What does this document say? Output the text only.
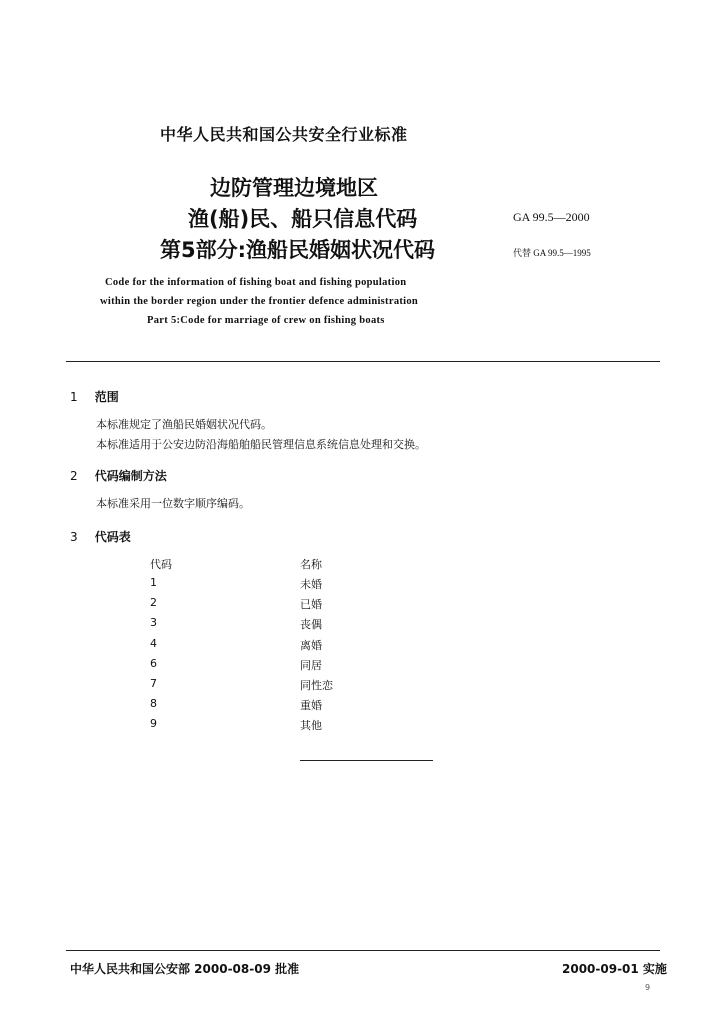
中华人民共和国公共安全行业标准
边防管理边境地区
渔(船)民、船只信息代码
第5部分:渔船民婚姻状况代码
GA 99.5—2000
代替 GA 99.5—1995
Code for the information of fishing boat and fishing population
within the border region under the frontier defence administration
Part 5:Code for marriage of crew on fishing boats
1 范围
本标准规定了渔船民婚姻状况代码。
本标准适用于公安边防沿海船舶船民管理信息系统信息处理和交换。
2 代码编制方法
本标准采用一位数字顺序编码。
3 代码表
代码	名称
1	未婚
2	已婚
3	丧偶
4	离婚
6	同居
7	同性恋
8	重婚
9	其他
中华人民共和国公安部 2000-08-09 批准	2000-09-01 实施
9
